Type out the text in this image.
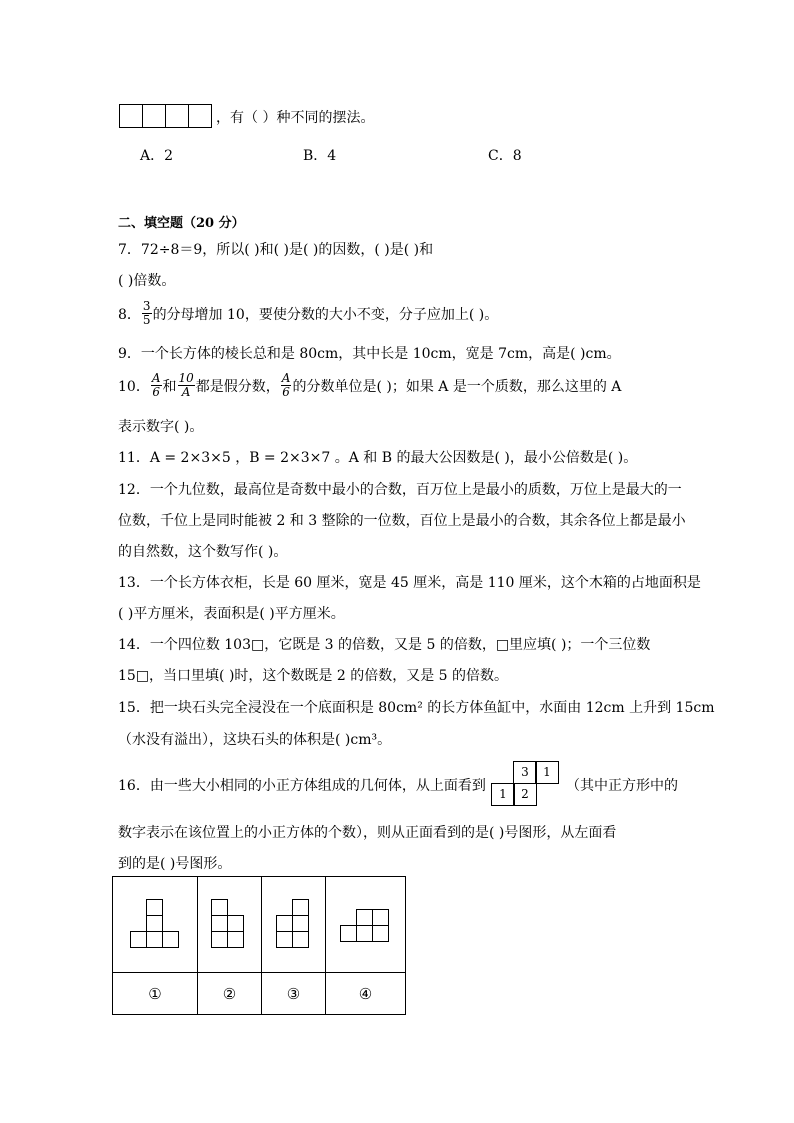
，有（ ）种不同的摆法。
A．2	B．4	C．8
二、填空题（20 分）
7．72÷8＝9，所以( )和( )是( )的因数，( )是( )和
( )倍数。
8． $\frac{3}{5}$ 的分母增加 10，要使分数的大小不变，分子应加上( )。
9．一个长方体的棱长总和是 80cm，其中长是 10cm，宽是 7cm，高是( )cm。
10． $\frac{A}{6}$ 和 $\frac{10}{A}$ 都是假分数， $\frac{A}{6}$ 的分数单位是( )；如果 A 是一个质数，那么这里的 A
表示数字( )。
11．A = 2×3×5 ，B = 2×3×7 。A 和 B 的最大公因数是( )，最小公倍数是( )。
12．一个九位数，最高位是奇数中最小的合数，百万位上是最小的质数，万位上是最大的一
位数，千位上是同时能被 2 和 3 整除的一位数，百位上是最小的合数，其余各位上都是最小
的自然数，这个数写作( )。
13．一个长方体衣柜，长是 60 厘米，宽是 45 厘米，高是 110 厘米，这个木箱的占地面积是
( )平方厘米，表面积是( )平方厘米。
14．一个四位数 103□，它既是 3 的倍数，又是 5 的倍数，□里应填( )；一个三位数
15□，当口里填( )时，这个数既是 2 的倍数，又是 5 的倍数。
15．把一块石头完全浸没在一个底面积是 80cm² 的长方体鱼缸中，水面由 12cm 上升到 15cm
（水没有溢出），这块石头的体积是( )cm³。
16．由一些大小相同的小正方体组成的几何体，从上面看到
3	1
1	2	（其中正方形中的
数字表示在该位置上的小正方体的个数），则从正面看到的是( )号图形，从左面看
到的是( )号图形。

①	②	③	④
